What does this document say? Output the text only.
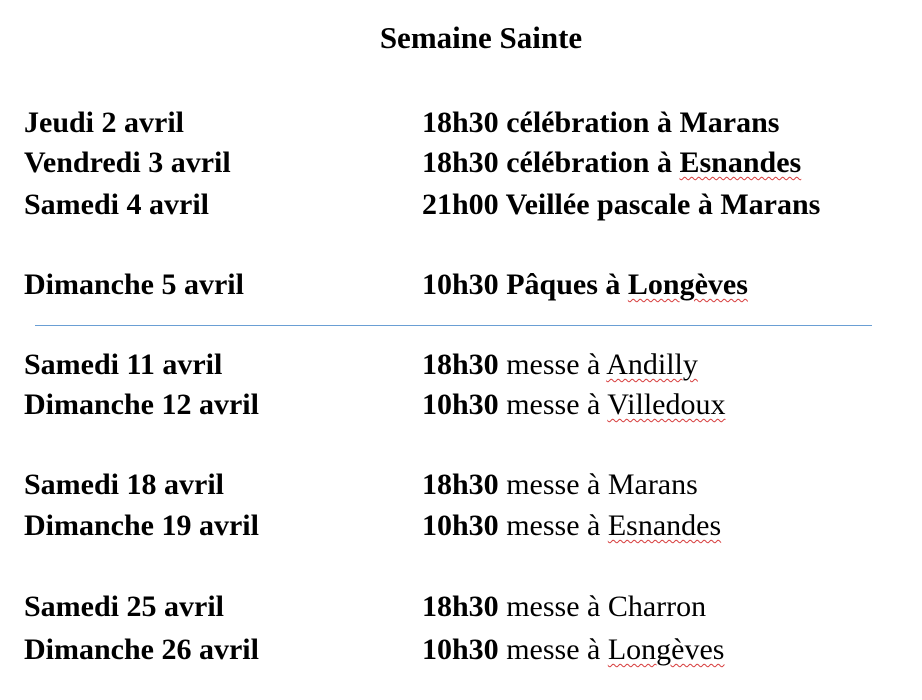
Semaine Sainte
Jeudi 2 avril	18h30 célébration à Marans
Vendredi 3 avril	18h30 célébration à Esnandes
Samedi 4 avril	21h00 Veillée pascale à Marans
Dimanche 5 avril	10h30 Pâques à Longèves
Samedi 11 avril	18h30 messe à Andilly
Dimanche 12 avril	10h30 messe à Villedoux
Samedi 18 avril	18h30 messe à Marans
Dimanche 19 avril	10h30 messe à Esnandes
Samedi 25 avril	18h30 messe à Charron
Dimanche 26 avril	10h30 messe à Longèves
